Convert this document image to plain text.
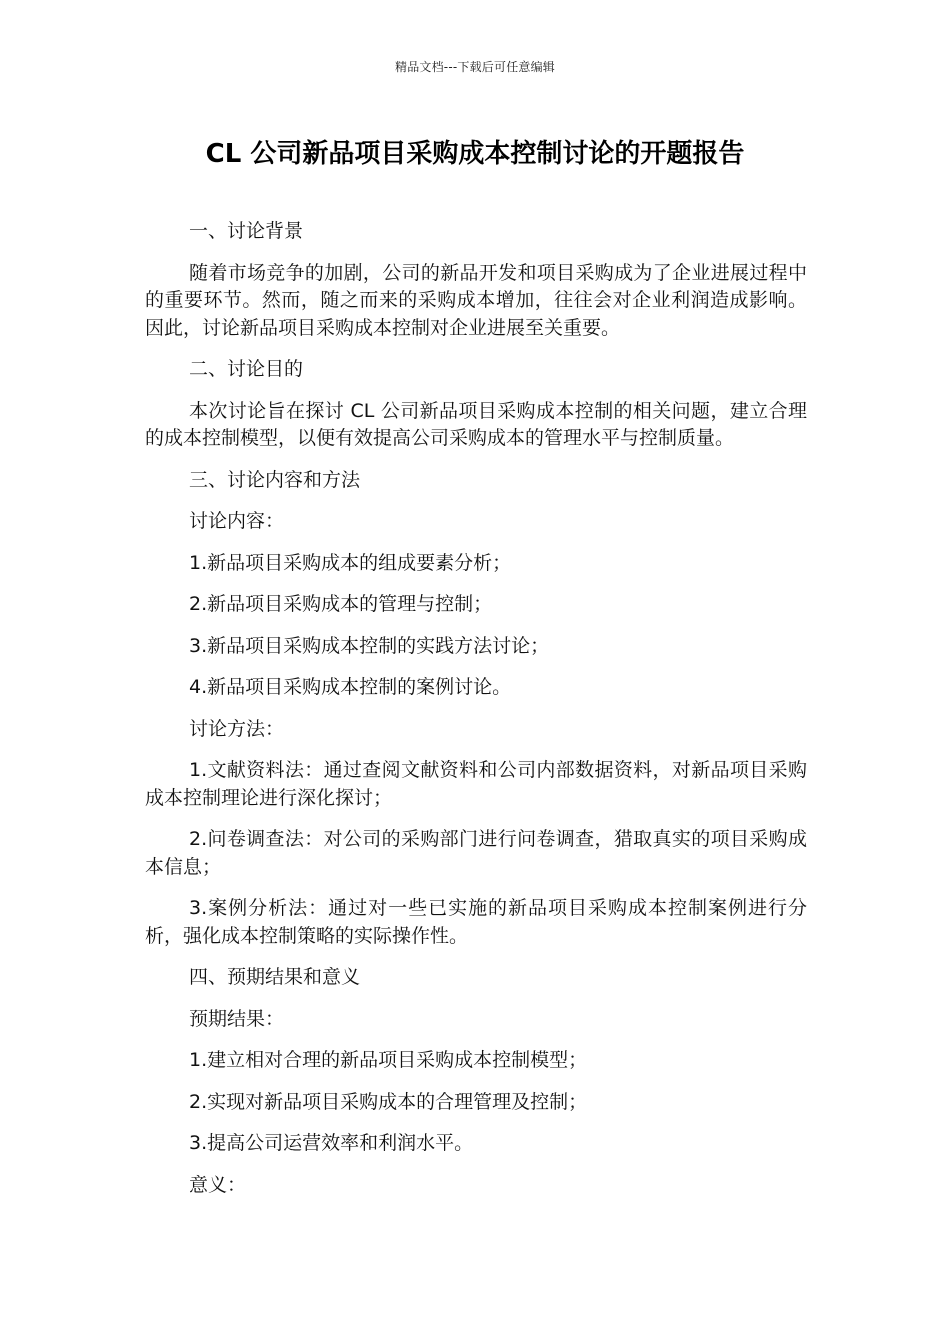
精品文档---下载后可任意编辑
CL 公司新品项目采购成本控制讨论的开题报告

一、讨论背景

随着市场竞争的加剧，公司的新品开发和项目采购成为了企业进展过程中的重要环节。然而，随之而来的采购成本增加，往往会对企业利润造成影响。因此，讨论新品项目采购成本控制对企业进展至关重要。

二、讨论目的

本次讨论旨在探讨 CL 公司新品项目采购成本控制的相关问题，建立合理的成本控制模型，以便有效提高公司采购成本的管理水平与控制质量。

三、讨论内容和方法

讨论内容：

1.新品项目采购成本的组成要素分析；

2.新品项目采购成本的管理与控制；

3.新品项目采购成本控制的实践方法讨论；

4.新品项目采购成本控制的案例讨论。

讨论方法：

1.文献资料法：通过查阅文献资料和公司内部数据资料，对新品项目采购成本控制理论进行深化探讨；

2.问卷调查法：对公司的采购部门进行问卷调查，猎取真实的项目采购成本信息；

3.案例分析法：通过对一些已实施的新品项目采购成本控制案例进行分析，强化成本控制策略的实际操作性。

四、预期结果和意义

预期结果：

1.建立相对合理的新品项目采购成本控制模型；

2.实现对新品项目采购成本的合理管理及控制；

3.提高公司运营效率和利润水平。

意义：
